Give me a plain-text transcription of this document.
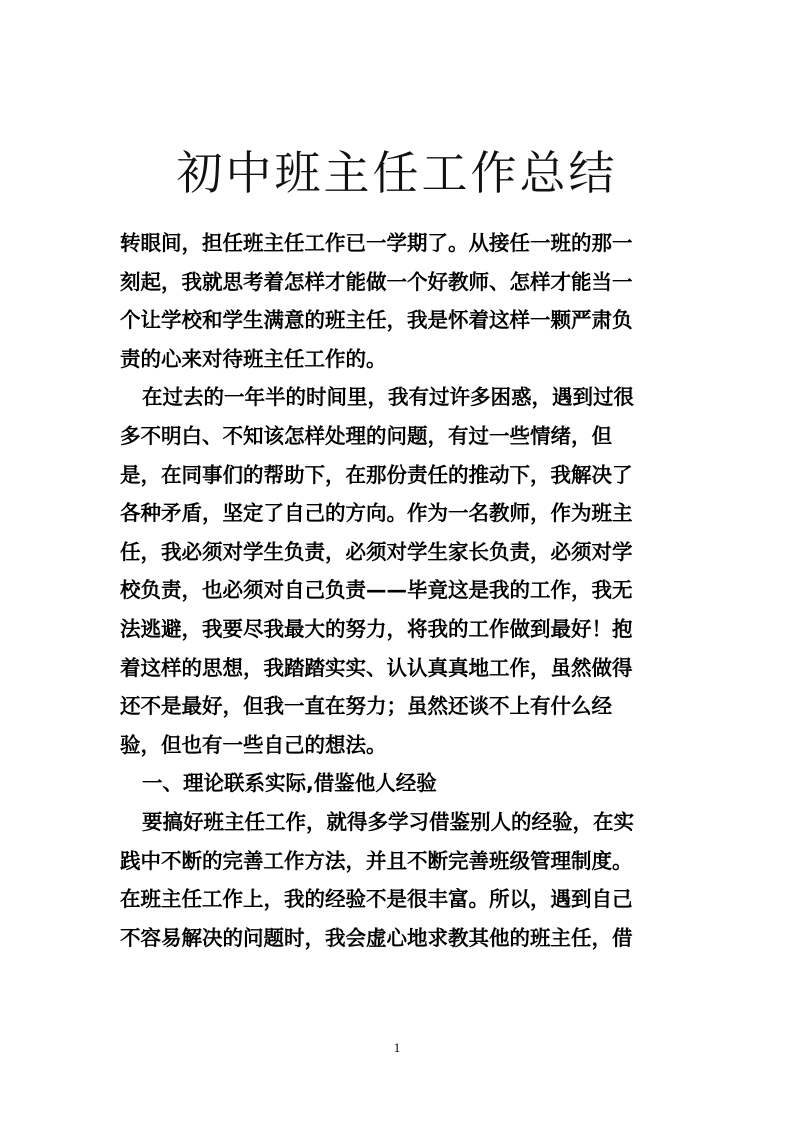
初中班主任工作总结
转眼间，担任班主任工作已一学期了。从接任一班的那一
刻起，我就思考着怎样才能做一个好教师、怎样才能当一
个让学校和学生满意的班主任，我是怀着这样一颗严肃负
责的心来对待班主任工作的。
在过去的一年半的时间里，我有过许多困惑，遇到过很
多不明白、不知该怎样处理的问题，有过一些情绪，但
是，在同事们的帮助下，在那份责任的推动下，我解决了
各种矛盾，坚定了自己的方向。作为一名教师，作为班主
任，我必须对学生负责，必须对学生家长负责，必须对学
校负责，也必须对自己负责——毕竟这是我的工作，我无
法逃避，我要尽我最大的努力，将我的工作做到最好！抱
着这样的思想，我踏踏实实、认认真真地工作，虽然做得
还不是最好，但我一直在努力；虽然还谈不上有什么经
验，但也有一些自己的想法。
一、理论联系实际,借鉴他人经验
要搞好班主任工作，就得多学习借鉴别人的经验，在实
践中不断的完善工作方法，并且不断完善班级管理制度。
在班主任工作上，我的经验不是很丰富。所以，遇到自己
不容易解决的问题时，我会虚心地求教其他的班主任，借
1
